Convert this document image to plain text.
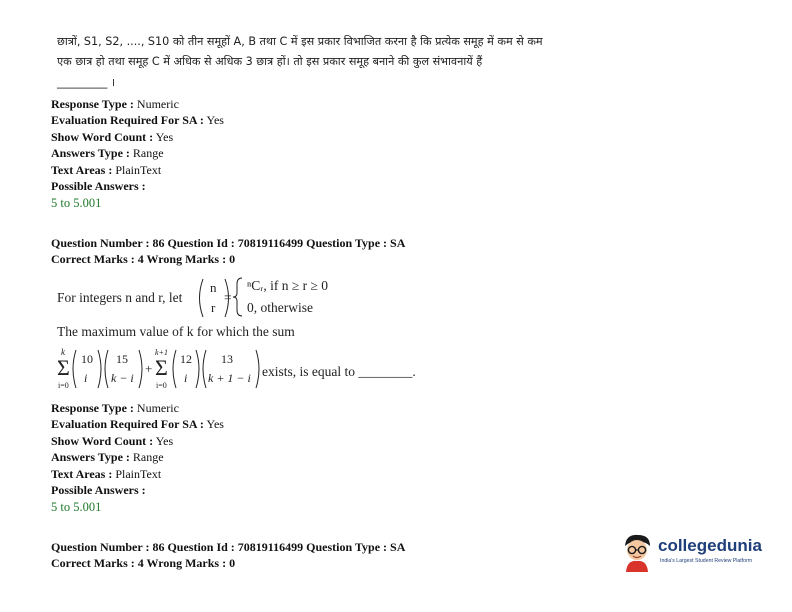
छात्रों, S1, S2, ...., S10 को तीन समूहों A, B तथा C में इस प्रकार विभाजित करना है कि प्रत्येक समूह में कम से कम
एक छात्र हो तथा समूह C में अधिक से अधिक 3 छात्र हों। तो इस प्रकार समूह बनाने की कुल संभावनायें हैं
_________ ।
Response Type : Numeric
Evaluation Required For SA : Yes
Show Word Count : Yes
Answers Type : Range
Text Areas : PlainText
Possible Answers :
5 to 5.001
Question Number : 86 Question Id : 70819116499 Question Type : SA
Correct Marks : 4 Wrong Marks : 0
For integers n and r, let
n
r
=
ⁿCᵣ, if n ≥ r ≥ 0
0, otherwise
The maximum value of k for which the sum
k
Σ
i=0
10
i
15
k − i
+
k+1
Σ
i=0
12
i
13
k + 1 − i exists, is equal to ________.
Response Type : Numeric
Evaluation Required For SA : Yes
Show Word Count : Yes
Answers Type : Range
Text Areas : PlainText
Possible Answers :
5 to 5.001
Question Number : 86 Question Id : 70819116499 Question Type : SA
Correct Marks : 4 Wrong Marks : 0
collegedunia
India's Largest Student Review Platform
